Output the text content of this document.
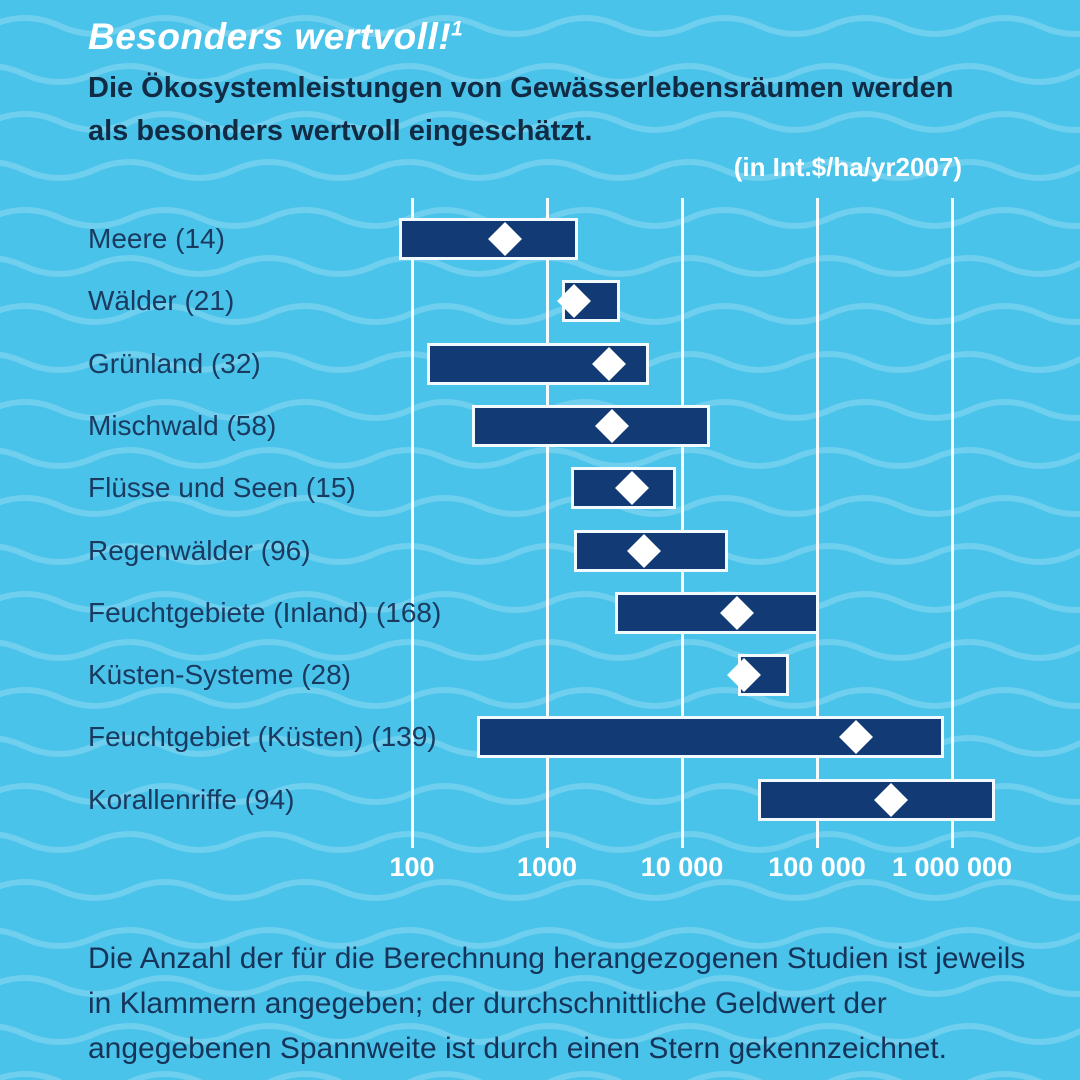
Besonders wertvoll!$^1$
Die Ökosystemleistungen von Gewässerlebensräumen werden
als besonders wertvoll eingeschätzt.
(in Int.$/ha/yr2007)
100	1000	10 000	100 000 1 000 000
Meere (14)
Wälder (21)
Grünland (32)
Mischwald (58)
Flüsse und Seen (15)
Regenwälder (96)
Feuchtgebiete (Inland) (168)
Küsten-Systeme (28)
Feuchtgebiet (Küsten) (139)
Korallenriffe (94)
Die Anzahl der für die Berechnung herangezogenen Studien ist jeweils
in Klammern angegeben; der durchschnittliche Geldwert der
angegebenen Spannweite ist durch einen Stern gekennzeichnet.
